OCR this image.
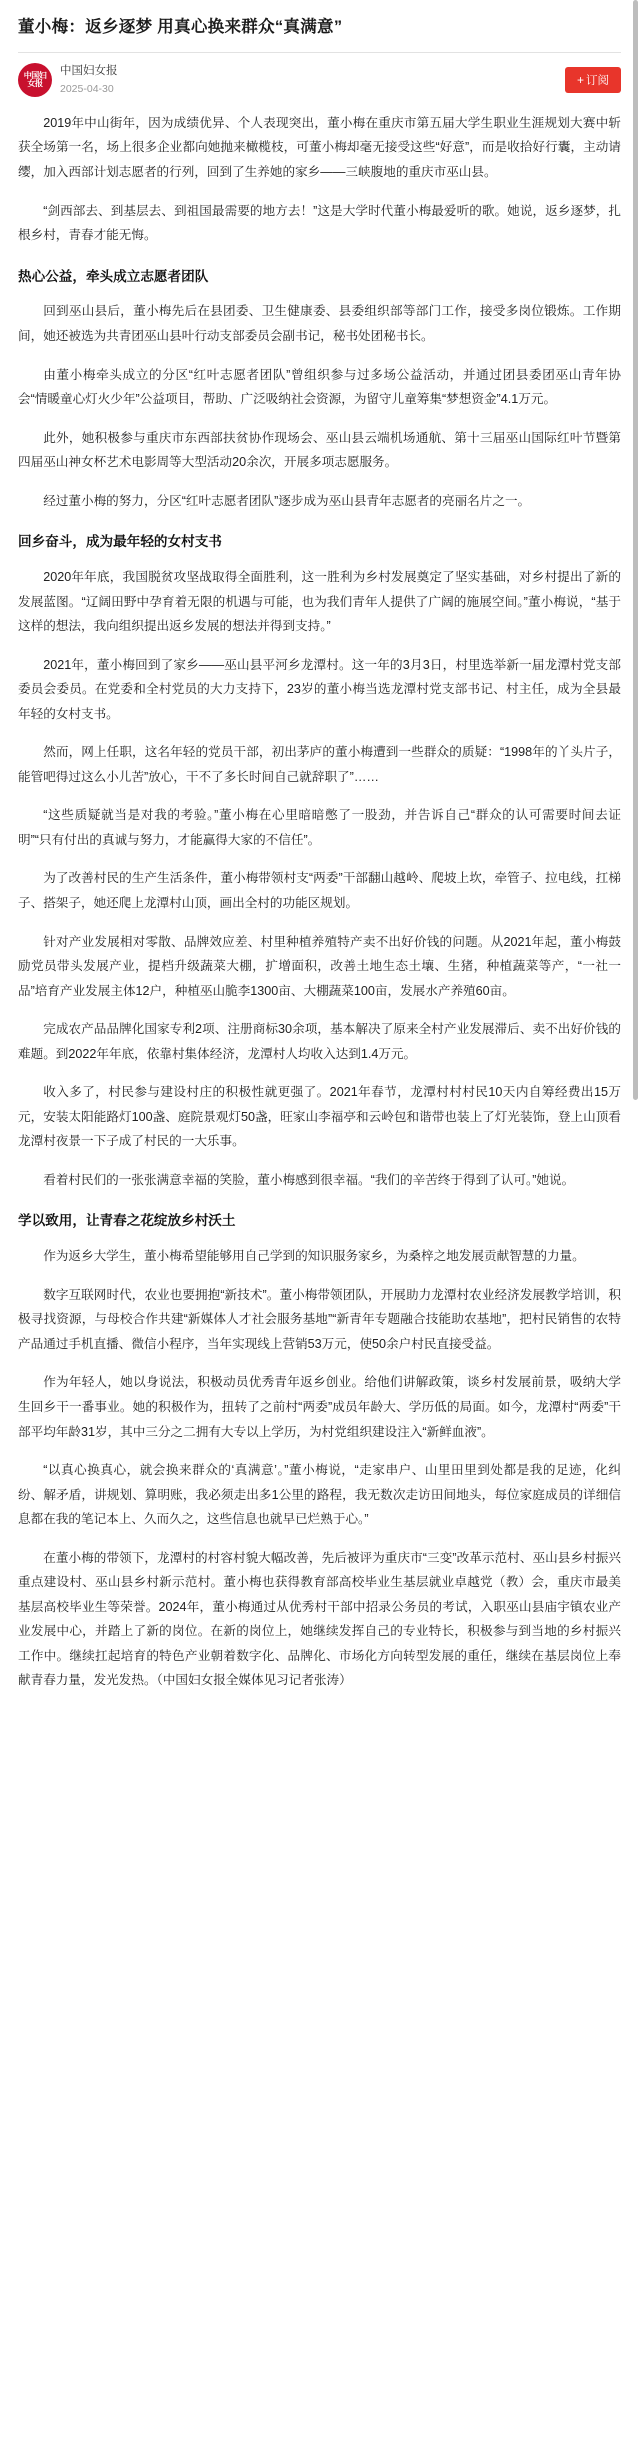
董小梅：返乡逐梦 用真心换来群众“真满意”
中国妇女报
中国妇女报
2025-04-30
+ 订阅

2019年中山街年，因为成绩优异、个人表现突出，董小梅在重庆市第五届大学生职业生涯规划大赛中斩获全场第一名，场上很多企业都向她抛来橄榄枝，可董小梅却毫无接受这些“好意”，而是收拾好行囊，主动请缨，加入西部计划志愿者的行列，回到了生养她的家乡——三峡腹地的重庆市巫山县。

“剑西部去、到基层去、到祖国最需要的地方去！”这是大学时代董小梅最爱听的歌。她说，返乡逐梦，扎根乡村，青春才能无悔。

热心公益，牵头成立志愿者团队

回到巫山县后，董小梅先后在县团委、卫生健康委、县委组织部等部门工作，接受多岗位锻炼。工作期间，她还被选为共青团巫山县叶行动支部委员会副书记，秘书处团秘书长。

由董小梅牵头成立的分区“红叶志愿者团队”曾组织参与过多场公益活动，并通过团县委团巫山青年协会“情暖童心灯火少年”公益项目，帮助、广泛吸纳社会资源，为留守儿童筹集“梦想资金”4.1万元。

此外，她积极参与重庆市东西部扶贫协作现场会、巫山县云端机场通航、第十三届巫山国际红叶节暨第四届巫山神女杯艺术电影周等大型活动20余次，开展多项志愿服务。

经过董小梅的努力，分区“红叶志愿者团队”逐步成为巫山县青年志愿者的亮丽名片之一。

回乡奋斗，成为最年轻的女村支书

2020年年底，我国脱贫攻坚战取得全面胜利，这一胜利为乡村发展奠定了坚实基础，对乡村提出了新的发展蓝图。“辽阔田野中孕育着无限的机遇与可能，也为我们青年人提供了广阔的施展空间。”董小梅说，“基于这样的想法，我向组织提出返乡发展的想法并得到支持。”

2021年，董小梅回到了家乡——巫山县平河乡龙潭村。这一年的3月3日，村里选举新一届龙潭村党支部委员会委员。在党委和全村党员的大力支持下，23岁的董小梅当选龙潭村党支部书记、村主任，成为全县最年轻的女村支书。

然而，网上任职，这名年轻的党员干部，初出茅庐的董小梅遭到一些群众的质疑：“1998年的丫头片子，能管吧得过这么小儿苦”放心，干不了多长时间自己就辞职了”……

“这些质疑就当是对我的考验。”董小梅在心里暗暗憋了一股劲，并告诉自己“群众的认可需要时间去证明”“只有付出的真诚与努力，才能赢得大家的不信任”。

为了改善村民的生产生活条件，董小梅带领村支“两委”干部翻山越岭、爬坡上坎，牵管子、拉电线，扛梯子、搭架子，她还爬上龙潭村山顶，画出全村的功能区规划。

针对产业发展相对零散、品牌效应差、村里种植养殖特产卖不出好价钱的问题。从2021年起，董小梅鼓励党员带头发展产业，提档升级蔬菜大棚，扩增面积，改善土地生态土壤、生猪，种植蔬菜等产，“一社一品”培育产业发展主体12户，种植巫山脆李1300亩、大棚蔬菜100亩，发展水产养殖60亩。

完成农产品品牌化国家专利2项、注册商标30余项，基本解决了原来全村产业发展滞后、卖不出好价钱的难题。到2022年年底，依靠村集体经济，龙潭村人均收入达到1.4万元。

收入多了，村民参与建设村庄的积极性就更强了。2021年春节，龙潭村村村民10天内自筹经费出15万元，安装太阳能路灯100盏、庭院景观灯50盏，旺家山李福亭和云岭包和谐带也装上了灯光装饰，登上山顶看龙潭村夜景一下子成了村民的一大乐事。

看着村民们的一张张满意幸福的笑脸，董小梅感到很幸福。“我们的辛苦终于得到了认可。”她说。

学以致用，让青春之花绽放乡村沃土

作为返乡大学生，董小梅希望能够用自己学到的知识服务家乡，为桑梓之地发展贡献智慧的力量。

数字互联网时代，农业也要拥抱“新技术”。董小梅带领团队，开展助力龙潭村农业经济发展教学培训，积极寻找资源，与母校合作共建“新媒体人才社会服务基地”“新青年专题融合技能助农基地”，把村民销售的农特产品通过手机直播、微信小程序，当年实现线上营销53万元，使50余户村民直接受益。

作为年轻人，她以身说法，积极动员优秀青年返乡创业。给他们讲解政策，谈乡村发展前景，吸纳大学生回乡干一番事业。她的积极作为，扭转了之前村“两委”成员年龄大、学历低的局面。如今，龙潭村“两委”干部平均年龄31岁，其中三分之二拥有大专以上学历，为村党组织建设注入“新鲜血液”。

“以真心换真心，就会换来群众的‘真满意’。”董小梅说，“走家串户、山里田里到处都是我的足迹，化纠纷、解矛盾，讲规划、算明账，我必须走出多1公里的路程，我无数次走访田间地头，每位家庭成员的详细信息都在我的笔记本上、久而久之，这些信息也就早已烂熟于心。”

在董小梅的带领下，龙潭村的村容村貌大幅改善，先后被评为重庆市“三变”改革示范村、巫山县乡村振兴重点建设村、巫山县乡村新示范村。董小梅也获得教育部高校毕业生基层就业卓越党（教）会，重庆市最美基层高校毕业生等荣誉。2024年，董小梅通过从优秀村干部中招录公务员的考试，入职巫山县庙宇镇农业产业发展中心，并踏上了新的岗位。在新的岗位上，她继续发挥自己的专业特长，积极参与到当地的乡村振兴工作中。继续扛起培育的特色产业朝着数字化、品牌化、市场化方向转型发展的重任，继续在基层岗位上奉献青春力量，发光发热。（中国妇女报全媒体见习记者张涛）
